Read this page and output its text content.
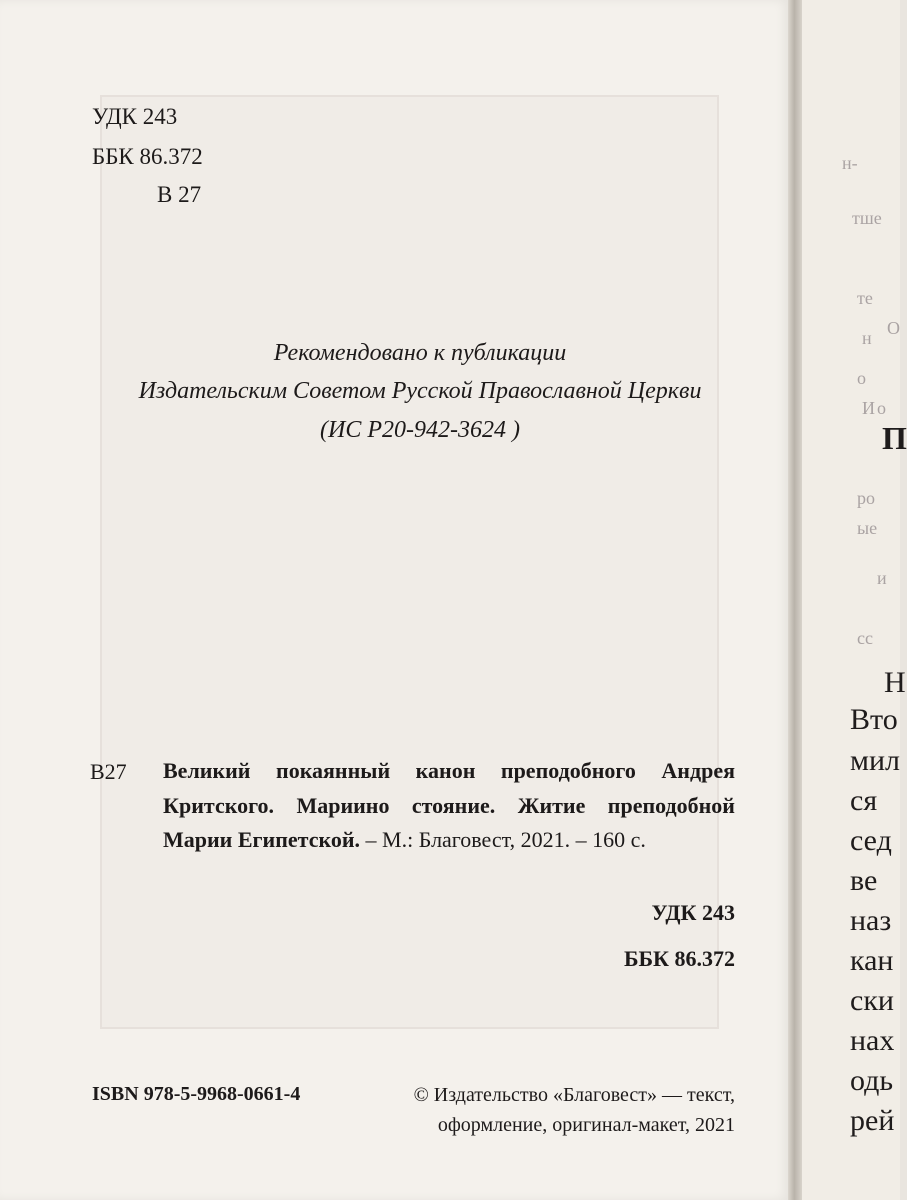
УДК 243
ББК 86.372
В 27
Рекомендовано к публикации
Издательским Советом Русской Православной Церкви
(ИС Р20-942-3624 )
В27 Великий покаянный канон преподобного Андрея Критского. Мариино стояние. Житие преподобной Марии Египетской. – М.: Благовест, 2021. – 160 с.
УДК 243
ББК 86.372
ISBN 978-5-9968-0661-4	© Издательство «Благовест» — текст,
оформление, оригинал-макет, 2021
н-
тше
те
н О
о
И о
П
ро
ые
и
сс
Н
Вто
мил
ся
сед
ве
наз
кан
ски
нах
одь
рей
